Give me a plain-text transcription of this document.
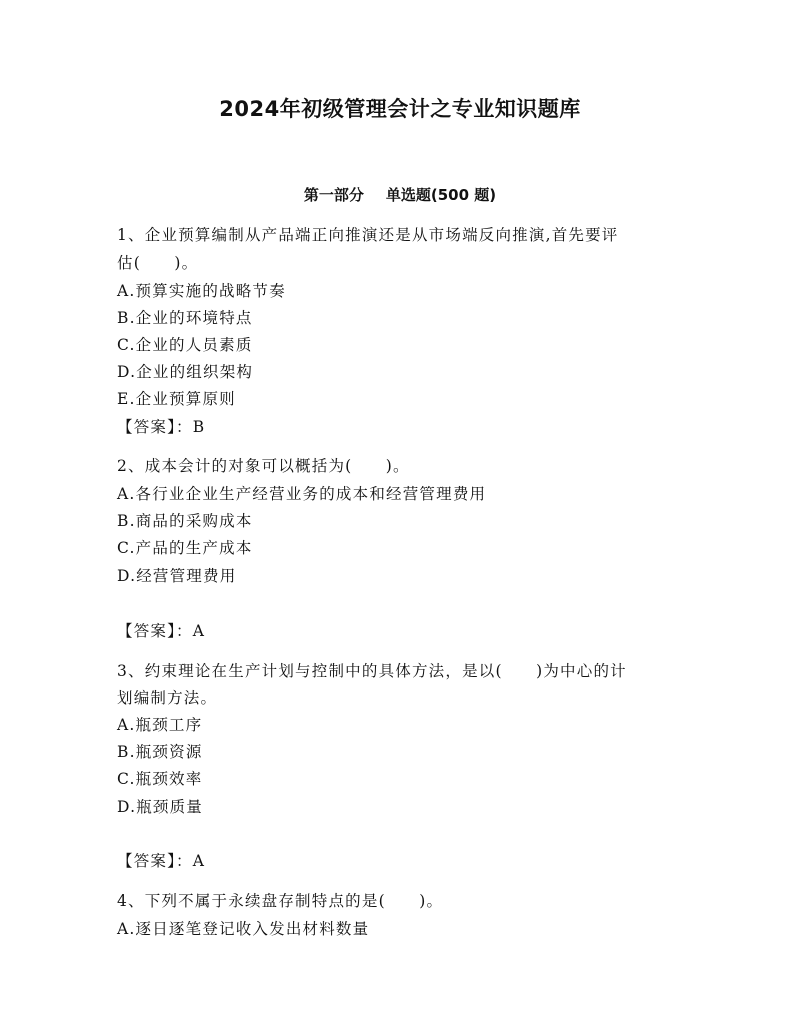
2024年初级管理会计之专业知识题库
第一部分 单选题(500 题)
1、企业预算编制从产品端正向推演还是从市场端反向推演,首先要评
估(　　)。
A.预算实施的战略节奏
B.企业的环境特点
C.企业的人员素质
D.企业的组织架构
E.企业预算原则
【答案】：B
2、成本会计的对象可以概括为(　　)。
A.各行业企业生产经营业务的成本和经营管理费用
B.商品的采购成本
C.产品的生产成本
D.经营管理费用
【答案】：A
3、约束理论在生产计划与控制中的具体方法，是以(　　)为中心的计
划编制方法。
A.瓶颈工序
B.瓶颈资源
C.瓶颈效率
D.瓶颈质量
【答案】：A
4、下列不属于永续盘存制特点的是(　　)。
A.逐日逐笔登记收入发出材料数量
